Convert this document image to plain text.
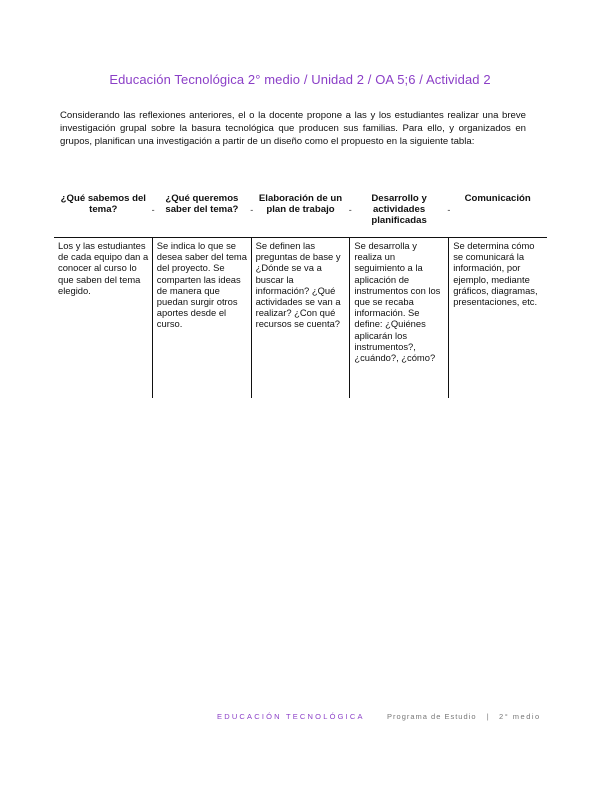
Educación Tecnológica 2° medio / Unidad 2 / OA 5;6 / Actividad 2
Considerando las reflexiones anteriores, el o la docente propone a las y los estudiantes realizar una breve investigación grupal sobre la basura tecnológica que producen sus familias. Para ello, y organizados en grupos, planifican una investigación a partir de un diseño como el propuesto en la siguiente tabla:
¿Qué sabemos del tema?	-
¿Qué queremos saber del tema? -
Elaboración de un plan de trabajo -
Desarrollo y actividades planificadas
-
Comunicación
Los y las estudiantes de cada equipo dan a conocer al curso lo que saben del tema elegido.
Se indica lo que se desea saber del tema del proyecto. Se comparten las ideas de manera que puedan surgir otros aportes desde el curso.
Se definen las preguntas de base y ¿Dónde se va a buscar la información? ¿Qué actividades se van a realizar? ¿Con qué recursos se cuenta?
Se desarrolla y realiza un seguimiento a la aplicación de instrumentos con los que se recaba información. Se define: ¿Quiénes aplicarán los instrumentos?, ¿cuándo?, ¿cómo?
Se determina cómo se comunicará la información, por ejemplo, mediante gráficos, diagramas, presentaciones, etc.
EDUCACIÓN TECNOLÓGICA	Programa de Estudio | 2° medio
